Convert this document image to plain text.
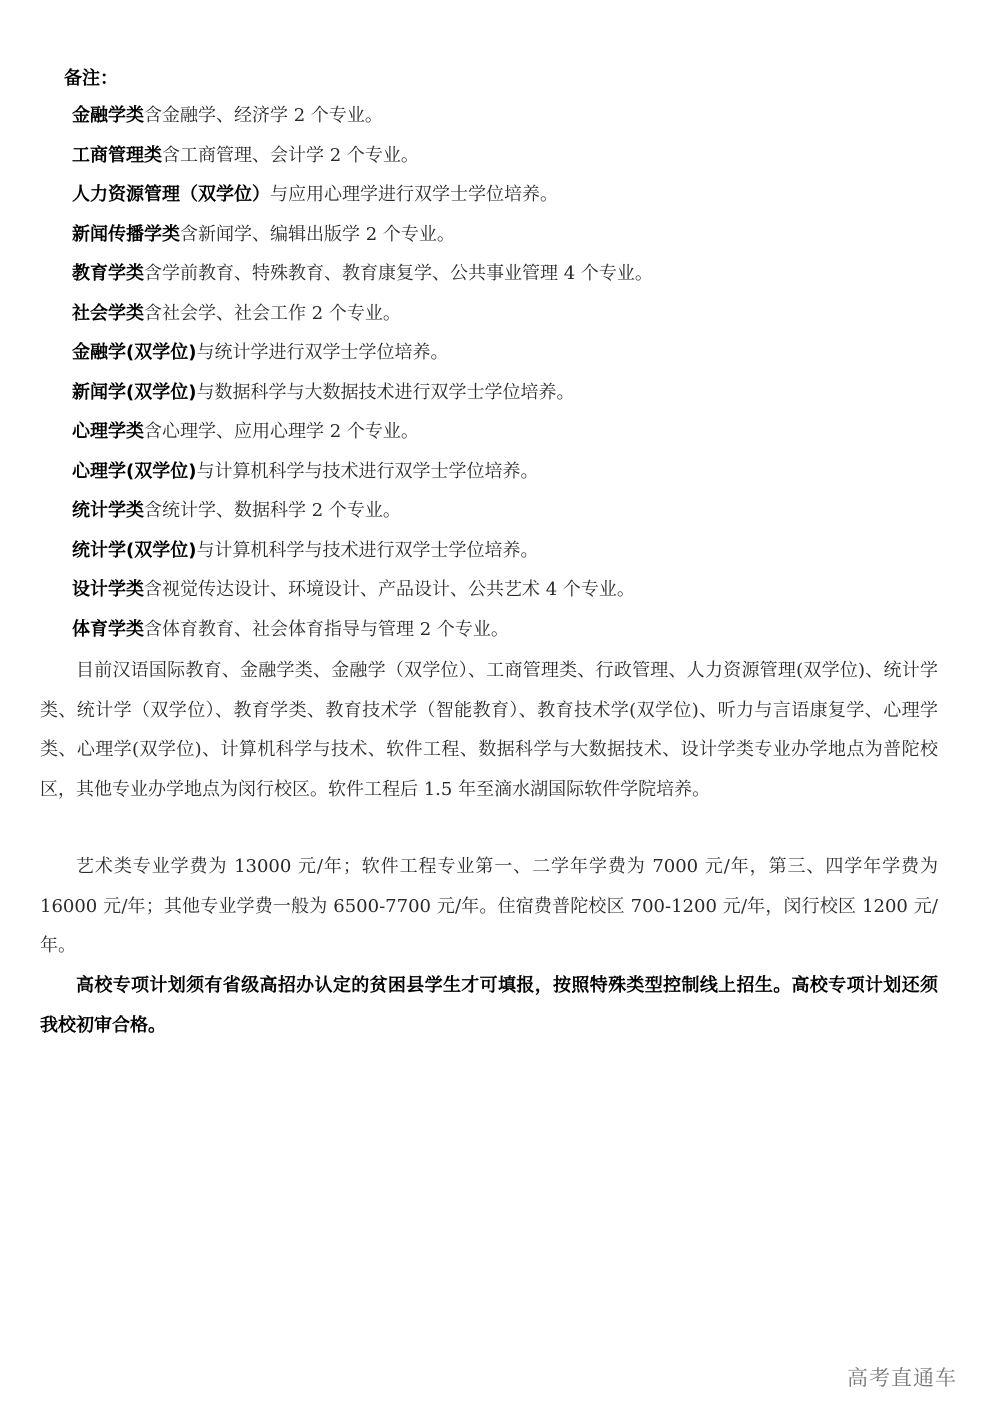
备注：
金融学类含金融学、经济学 2 个专业。
工商管理类含工商管理、会计学 2 个专业。
人力资源管理（双学位）与应用心理学进行双学士学位培养。
新闻传播学类含新闻学、编辑出版学 2 个专业。
教育学类含学前教育、特殊教育、教育康复学、公共事业管理 4 个专业。
社会学类含社会学、社会工作 2 个专业。
金融学(双学位)与统计学进行双学士学位培养。
新闻学(双学位)与数据科学与大数据技术进行双学士学位培养。
心理学类含心理学、应用心理学 2 个专业。
心理学(双学位)与计算机科学与技术进行双学士学位培养。
统计学类含统计学、数据科学 2 个专业。
统计学(双学位)与计算机科学与技术进行双学士学位培养。
设计学类含视觉传达设计、环境设计、产品设计、公共艺术 4 个专业。
体育学类含体育教育、社会体育指导与管理 2 个专业。

目前汉语国际教育、金融学类、金融学（双学位）、工商管理类、行政管理、人力资源管理(双学位)、统计学类、统计学（双学位）、教育学类、教育技术学（智能教育）、教育技术学(双学位)、听力与言语康复学、心理学类、心理学(双学位)、计算机科学与技术、软件工程、数据科学与大数据技术、设计学类专业办学地点为普陀校区，其他专业办学地点为闵行校区。软件工程后 1.5 年至滴水湖国际软件学院培养。

艺术类专业学费为 13000 元/年；软件工程专业第一、二学年学费为 7000 元/年，第三、四学年学费为 16000 元/年；其他专业学费一般为 6500-7700 元/年。住宿费普陀校区 700-1200 元/年，闵行校区 1200 元/年。

高校专项计划须有省级高招办认定的贫困县学生才可填报，按照特殊类型控制线上招生。高校专项计划还须我校初审合格。

高考直通车
